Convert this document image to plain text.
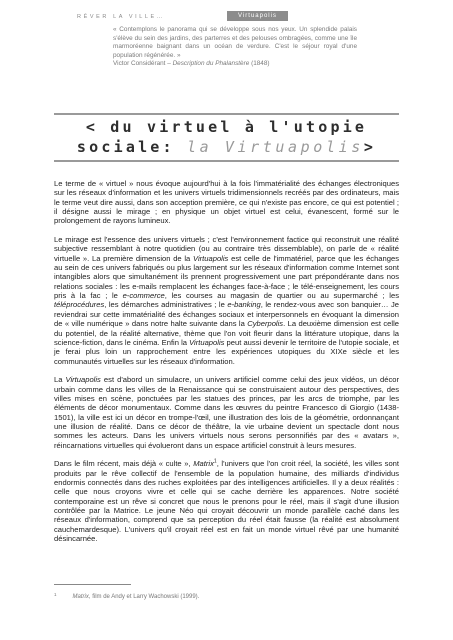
RÊVER LA VILLE…	Virtuapolis

« Contemplons le panorama qui se développe sous nos yeux. Un splendide palais s'élève du sein des jardins, des parterres et des pelouses ombragées, comme une île marmoréenne baignant dans un océan de verdure. C'est le séjour royal d'une population régénérée. »

Victor Considérant – Description du Phalanstère (1848)

< du virtuel à l'utopie
sociale: la Virtuapolis>

Le terme de « virtuel » nous évoque aujourd'hui à la fois l'immatérialité des échanges électroniques sur les réseaux d'information et les univers virtuels tridimensionnels recréés par des ordinateurs, mais le terme veut dire aussi, dans son acception première, ce qui n'existe pas encore, ce qui est potentiel ; il désigne aussi le mirage ; en physique un objet virtuel est celui, évanescent, formé sur le prolongement de rayons lumineux.

Le mirage est l'essence des univers virtuels ; c'est l'environnement factice qui reconstruit une réalité subjective ressemblant à notre quotidien (ou au contraire très dissemblable), on parle de « réalité virtuelle ». La première dimension de la Virtuapolis est celle de l'immatériel, parce que les échanges au sein de ces univers fabriqués ou plus largement sur les réseaux d'information comme Internet sont intangibles alors que simultanément ils prennent progressivement une part prépondérante dans nos relations sociales : les e-mails remplacent les échanges face-à-face ; le télé-enseignement, les cours pris à la fac ; le e-commerce, les courses au magasin de quartier ou au supermarché ; les téléprocédures, les démarches administratives ; le e-banking, le rendez-vous avec son banquier… Je reviendrai sur cette immatérialité des échanges sociaux et interpersonnels en évoquant la dimension de « ville numérique » dans notre halte suivante dans la Cyberpolis. La deuxième dimension est celle du potentiel, de la réalité alternative, thème que l'on voit fleurir dans la littérature utopique, dans la science-fiction, dans le cinéma. Enfin la Virtuapolis peut aussi devenir le territoire de l'utopie sociale, et je ferai plus loin un rapprochement entre les expériences utopiques du XIXe siècle et les communautés virtuelles sur les réseaux d'information.

La Virtuapolis est d'abord un simulacre, un univers artificiel comme celui des jeux vidéos, un décor urbain comme dans les villes de la Renaissance qui se construisaient autour des perspectives, des villes mises en scène, ponctuées par les statues des princes, par les arcs de triomphe, par les éléments de décor monumentaux. Comme dans les œuvres du peintre Francesco di Giorgio (1438-1501), la ville est ici un décor en trompe-l'œil, une illustration des lois de la géométrie, ordonnançant une illusion de réalité. Dans ce décor de théâtre, la vie urbaine devient un spectacle dont nous sommes les acteurs. Dans les univers virtuels nous serons personnifiés par des « avatars », réincarnations virtuelles qui évolueront dans un espace artificiel construit à leurs mesures.

Dans le film récent, mais déjà « culte », Matrix$^1$, l'univers que l'on croit réel, la société, les villes sont produits par le rêve collectif de l'ensemble de la population humaine, des milliards d'individus endormis connectés dans des ruches exploitées par des intelligences artificielles. Il y a deux réalités : celle que nous croyons vivre et celle qui se cache derrière les apparences. Notre société contemporaine est un rêve si concret que nous le prenons pour le réel, mais il s'agit d'une illusion contrôlée par la Matrice. Le jeune Néo qui croyait découvrir un monde parallèle caché dans les réseaux d'information, comprend que sa perception du réel était fausse (la réalité est absolument cauchemardesque). L'univers qu'il croyait réel est en fait un monde virtuel rêvé par une humanité désincarnée.

$^1$	Matrix, film de Andy et Larry Wachowski (1999).
